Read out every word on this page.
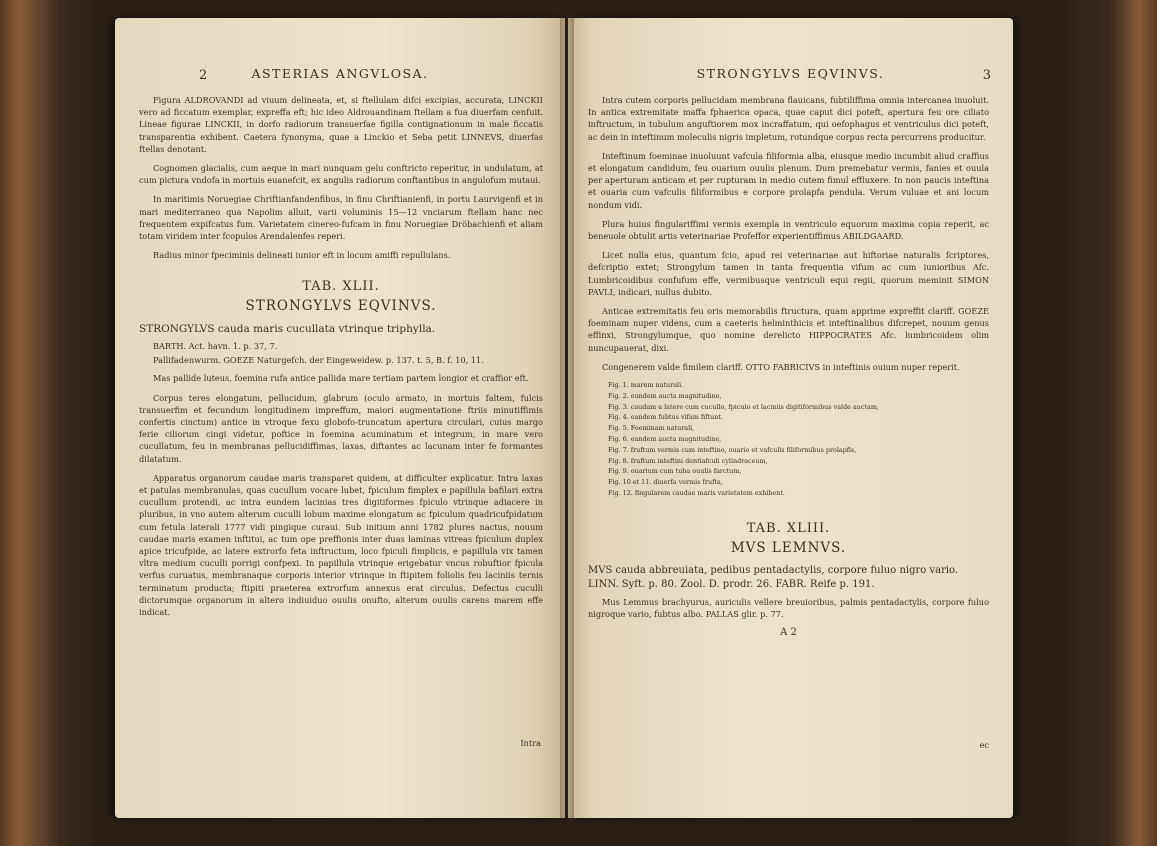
2	ASTERIAS ANGVLOSA.

Figura ALDROVANDI ad viuum delineata, et, si ftellulam difci excipias, accurata, LINCKII vero ad ficcatum exemplar, expreffa eft; hic ideo Aldrouandinam ftellam a fua diuerfam cenfuit. Lineae figurae LINCKII, in dorfo radiorum transuerfae figilla contignationum in male ficcatis transparentia exhibent. Caetera fynonyma, quae a Linckio et Seba petit LINNEVS, diuerfas ftellas denotant.

Cognomen glacialis, cum aeque in mari nunquam gelu conftricto reperitur, in undulatum, at cum pictura vndofa in mortuis euanefcit, ex angulis radiorum conftantibus in angulofum mutaui.

In maritimis Noruegiae Chriftianfandenfibus, in finu Chriftianienfi, in portu Laurvigenfi et in mari mediterraneo qua Napolim alluit, varii voluminis 15—12 vnciarum ftellam hanc nec frequentem expifcatus fum. Varietatem cinereo-fufcam in finu Noruegiae Dröbachienfi et aliam totam viridem inter fcopulos Arendalenfes reperi.

Radius minor fpeciminis delineati iunior eft in locum amiffi repullulans.

TAB. XLII.
STRONGYLVS EQVINVS.

STRONGYLVS cauda maris cucullata vtrinque triphylla.

BARTH. Act. havn. 1. p. 37, 7.

Pallifadenwurm. GOEZE Naturgefch. der Eingeweidew. p. 137. t. 5, B. f. 10, 11.

Mas pallide luteus, foemina rufa antice pallida mare tertiam partem longior et craffior eft.

Corpus teres elongatum, pellucidum, glabrum (oculo armato, in mortuis faltem, fulcis transuerfim et fecundum longitudinem impreffum, maiori augmentatione ftriis minutiffimis confertis cinctum) antice in vtroque fexu globofo-truncatum apertura circulari, cuius margo ferie ciliorum cingi videtur, poftice in foemina acuminatum et integrum, in mare vero cucullatum, feu in membranas pellucidiffimas, laxas, diftantes ac lacunam inter fe formantes dilatatum.

Apparatus organorum caudae maris transparet quidem, at difficulter explicatur. Intra laxas et patulas membranulas, quas cucullum vocare lubet, fpiculum fimplex e papillula bafilari extra cucullum protendi, ac intra eundem lacinias tres digitiformes fpiculo vtrinque adiacere in pluribus, in vno autem alterum cuculli lobum maxime elongatum ac fpiculum quadricufpidatum cum fetula laterali 1777 vidi pingique curaui. Sub initium anni 1782 plures nactus, nouum caudae maris examen inftitui, ac tum ope preffionis inter duas laminas vitreas fpiculum duplex apice tricufpide, ac latere extrorfo feta inftructum, loco fpiculi fimplicis, e papillula vix tamen vltra medium cuculli porrigi confpexi. In papillula vtrinque erigebatur vncus robuftior fpicula verfus curuatus, membranaque corporis interior vtrinque in ftipitem foliolis feu laciniis ternis terminatum producta; ftipiti praeterea extrorfum annexus erat circulus. Defectus cuculli dictorumque organorum in altero indiuiduo ouulis onufto, alterum ouulis carens marem effe indicat.

Intra
3
STRONGYLVS EQVINVS.

Intra cutem corporis pellucidam membrana flauicans, fubtiliffima omnia intercanea inuoluit. In antica extremitate maffa fphaerica opaca, quae caput dici poteft, apertura feu ore ciliato inftructum, in tubulum anguftiorem mox incraffatum, qui oefophagus et ventriculus dici poteft, ac dein in inteftinum moleculis nigris impletum, rotundque corpus recta percurrens producitur.

Inteftinum foeminae inuoluunt vafcula filiformia alba, eiusque medio incumbit aliud craffius et elongatum candidum, feu ouarium ouulis plenum. Dum premebatur vermis, fanies et ouula per aperturam anticam et per rupturam in medio cutem fimul effluxere. In non paucis inteftina et ouaria cum vafculis filiformibus e corpore prolapfa pendula. Verum vuluae et ani locum nondum vidi.

Plura huius fingulariffimi vermis exempla in ventriculo equorum maxima copia reperit, ac beneuole obtulit artis veterinariae Profeffor experientiffimus ABILDGAARD.

Licet nulla eius, quantum fcio, apud rei veterinariae aut hiftoriae naturalis fcriptores, defcriptio extet; Strongylum tamen in tanta frequentia vifum ac cum iunioribus Afc. Lumbricoidibus confufum effe, vermibusque ventriculi equi regii, quorum meminit SIMON PAVLI, indicari, nullus dubito.

Anticae extremitatis feu oris memorabilis ftructura, quam apprime expreffit clariff. GOEZE foeminam nuper videns, cum a caeteris helminthicis et inteftinalibus difcrepet, nouum genus effinxi, Strongylumque, quo nomine derelicto HIPPOCRATES Afc. lumbricoidem olim nuncupauerat, dixi.

Congenerem valde fimilem clariff. OTTO FABRICIVS in inteftinis ouium nuper reperit.

Fig. 1. marem naturali.

Fig. 2. eundem aucta magnitudine,

Fig. 3. caudam a latere cum cucullo, fpiculo et laciniis digitiformibus valde auctam,

Fig. 4. eandem fubtus vifam fiftunt.

Fig. 5. Foeminam naturali,

Fig. 6. eandem aucta magnitudine,

Fig. 7. fruftum vermis cum inteftino, ouario et vafculis filiformibus prolapfis,

Fig. 8. fruftum inteftini dentiafculi cylindraceum,

Fig. 9. ouarium cum tuba ouulis farctum,

Fig. 10 et 11. diuerfa vermis frufta,

Fig. 12. fingularem caudae maris varietatem exhibent.

TAB. XLIII.
MVS LEMNVS.

MVS cauda abbreuiata, pedibus pentadactylis, corpore fuluo nigro vario. LINN. Syft. p. 80. Zool. D. prodr. 26. FABR. Reife p. 191.

Mus Lemmus brachyurus, auriculis vellere breuioribus, palmis pentadactylis, corpore fuluo nigroque vario, fubtus albo. PALLAS glir. p. 77.

A 2

ec
